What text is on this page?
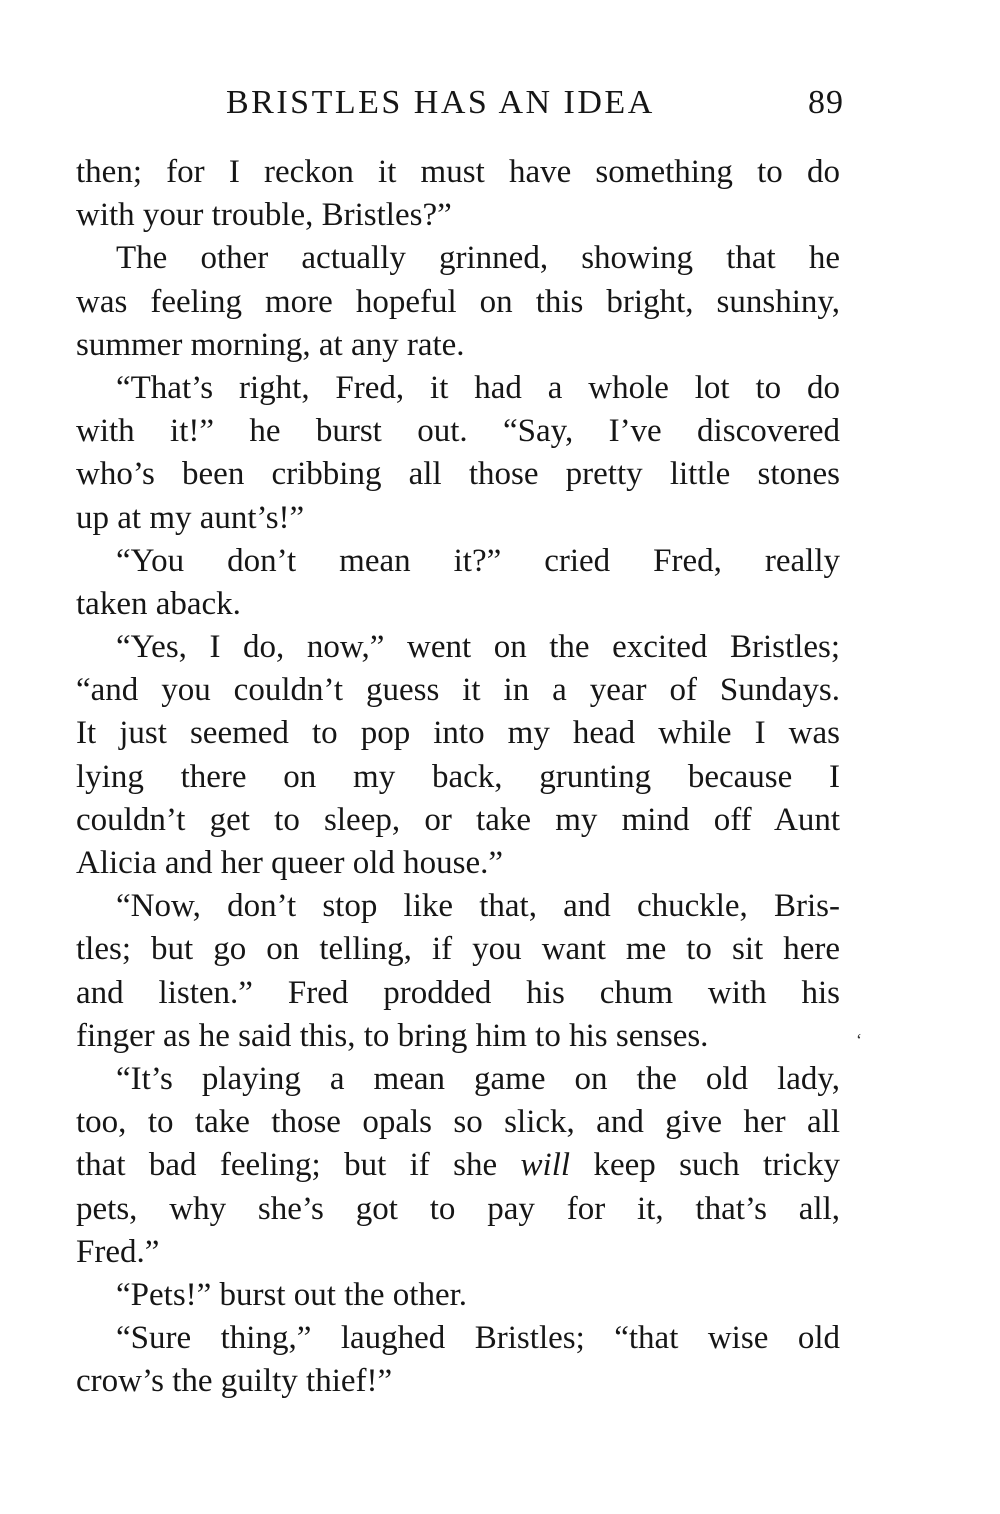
BRISTLES HAS AN IDEA	89
then; for I reckon it must have something to do
with your trouble, Bristles?”
The other actually grinned, showing that he
was feeling more hopeful on this bright, sunshiny,
summer morning, at any rate.
“That’s right, Fred, it had a whole lot to do
with it!” he burst out. “Say, I’ve discovered
who’s been cribbing all those pretty little stones
up at my aunt’s!”
“You don’t mean it?” cried Fred, really
taken aback.
“Yes, I do, now,” went on the excited Bristles;
“and you couldn’t guess it in a year of Sundays.
It just seemed to pop into my head while I was
lying there on my back, grunting because I
couldn’t get to sleep, or take my mind off Aunt
Alicia and her queer old house.”
“Now, don’t stop like that, and chuckle, Bris-
tles; but go on telling, if you want me to sit here
and listen.” Fred prodded his chum with his
finger as he said this, to bring him to his senses.
“It’s playing a mean game on the old lady,
too, to take those opals so slick, and give her all
that bad feeling; but if she will keep such tricky
pets, why she’s got to pay for it, that’s all,
Fred.”
“Pets!” burst out the other.
“Sure thing,” laughed Bristles; “that wise old
crow’s the guilty thief!”
‘
